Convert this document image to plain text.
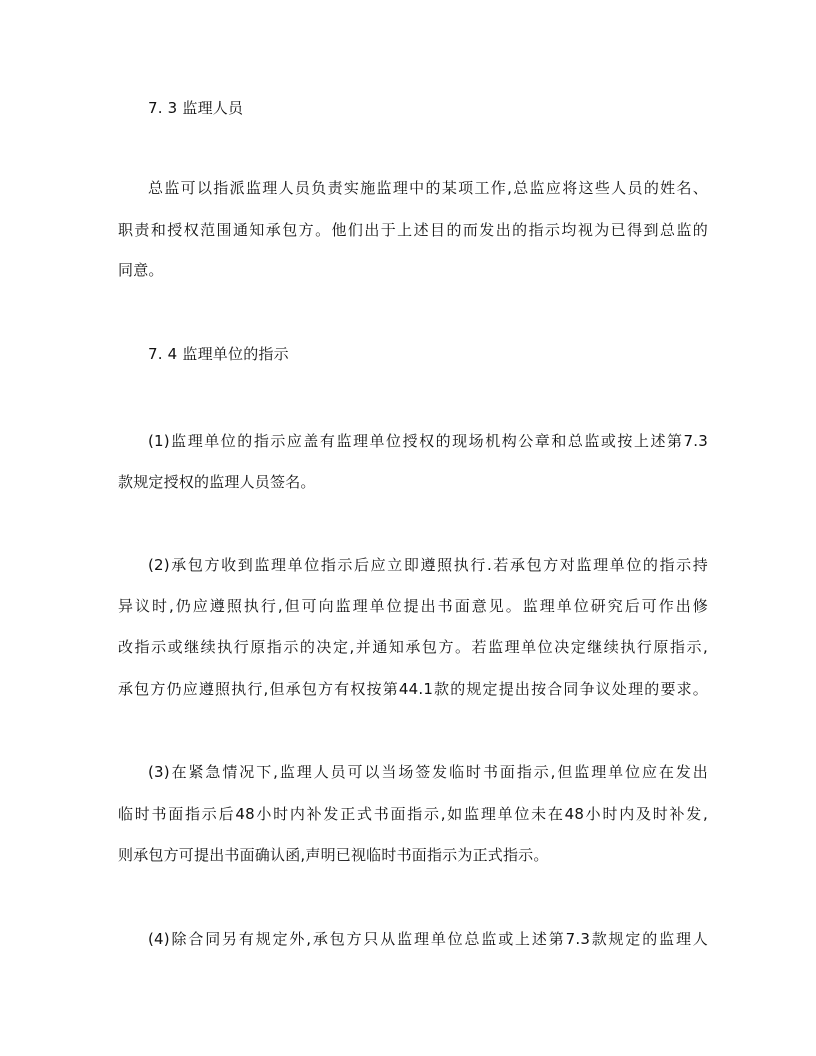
7. 3 监理人员
总监可以指派监理人员负责实施监理中的某项工作,总监应将这些人员的姓名、
职责和授权范围通知承包方。他们出于上述目的而发出的指示均视为已得到总监的
同意。
7. 4 监理单位的指示
(1)监理单位的指示应盖有监理单位授权的现场机构公章和总监或按上述第7.3
款规定授权的监理人员签名。
(2)承包方收到监理单位指示后应立即遵照执行.若承包方对监理单位的指示持
异议时,仍应遵照执行,但可向监理单位提出书面意见。监理单位研究后可作出修
改指示或继续执行原指示的决定,并通知承包方。若监理单位决定继续执行原指示,
承包方仍应遵照执行,但承包方有权按第44.1款的规定提出按合同争议处理的要求。
(3)在紧急情况下,监理人员可以当场签发临时书面指示,但监理单位应在发出
临时书面指示后48小时内补发正式书面指示,如监理单位未在48小时内及时补发,
则承包方可提出书面确认函,声明已视临时书面指示为正式指示。
(4)除合同另有规定外,承包方只从监理单位总监或上述第7.3款规定的监理人
